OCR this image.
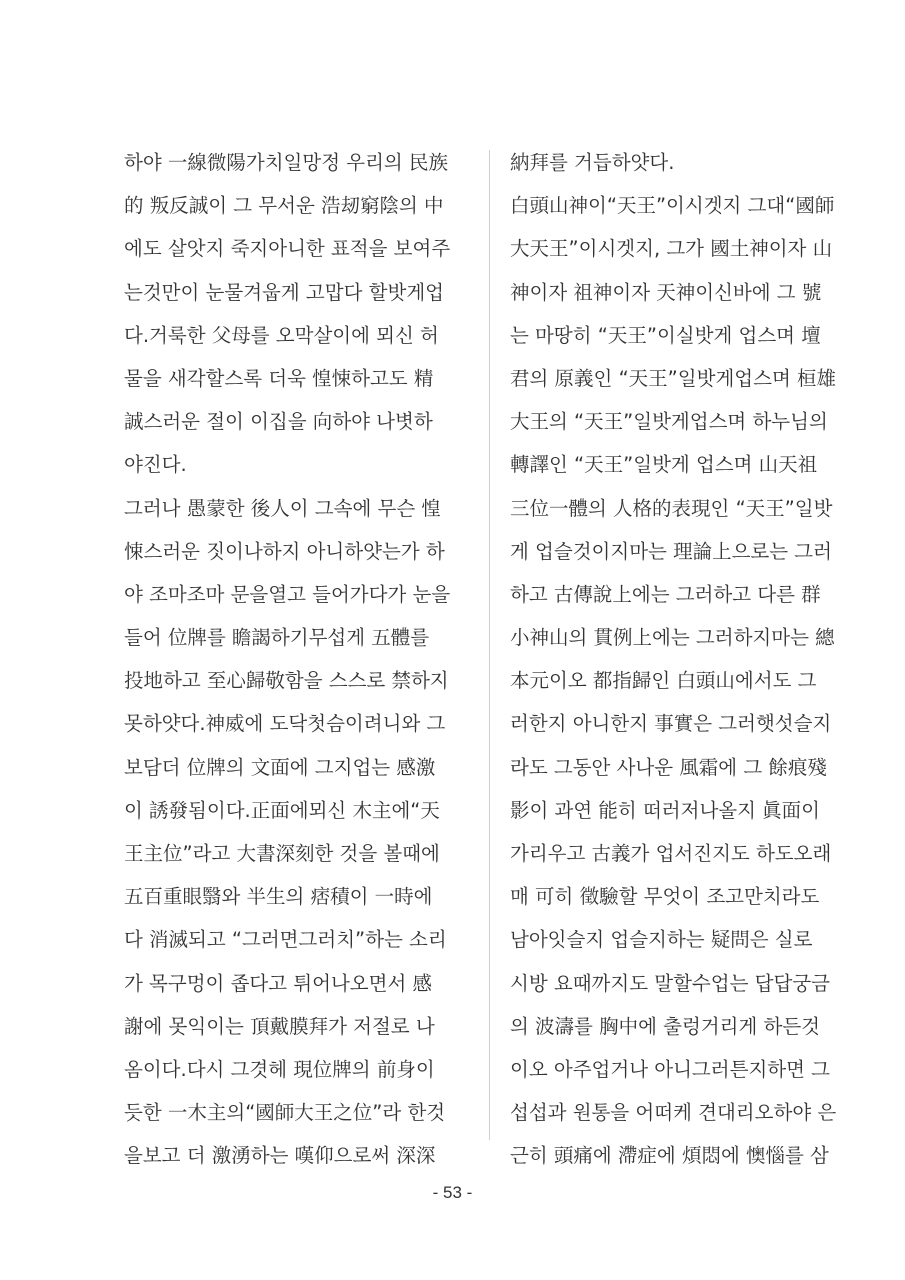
하야 一線微陽가치일망정 우리의 民族
的 叛反誠이 그 무서운 浩刼窮陰의 中
에도 살앗지 죽지아니한 표적을 보여주
는것만이 눈물겨웁게 고맙다 할밧게업
다.거룩한 父母를 오막살이에 뫼신 허
물을 새각할스록 더욱 惶悚하고도 精
誠스러운 절이 이집을 向하야 나볏하
야진다.
그러나 愚蒙한 後人이 그속에 무슨 惶
悚스러운 짓이나하지 아니하얏는가 하
야 조마조마 문을열고 들어가다가 눈을
들어 位牌를 瞻謁하기무섭게 五體를
投地하고 至心歸敬함을 스스로 禁하지
못하얏다.神威에 도닥첫슴이려니와 그
보담더 位牌의 文面에 그지업는 感激
이 誘發됨이다.正面에뫼신 木主에“天
王主位”라고 大書深刻한 것을 볼때에
五百重眼翳와 半生의 痞積이 一時에
다 消滅되고 “그러면그러치”하는 소리
가 목구멍이 좁다고 튀어나오면서 感
謝에 못익이는 頂戴膜拜가 저절로 나
옴이다.다시 그겻헤 現位牌의 前身이
듯한 一木主의“國師大王之位”라 한것
을보고 더 激湧하는 嘆仰으로써 深深
納拜를 거듭하얏다.
白頭山神이“天王”이시겟지 그대“國師
大天王”이시겟지, 그가 國土神이자 山
神이자 祖神이자 天神이신바에 그 號
는 마땅히 “天王”이실밧게 업스며 壇
君의 原義인 “天王”일밧게업스며 桓雄
大王의 “天王”일밧게업스며 하누님의
轉譯인 “天王”일밧게 업스며 山天祖
三位一體의 人格的表現인 “天王”일밧
게 업슬것이지마는 理論上으로는 그러
하고 古傳說上에는 그러하고 다른 群
小神山의 貫例上에는 그러하지마는 總
本元이오 都指歸인 白頭山에서도 그
러한지 아니한지 事實은 그러햇섯슬지
라도 그동안 사나운 風霜에 그 餘痕殘
影이 과연 能히 떠러저나올지 眞面이
가리우고 古義가 업서진지도 하도오래
매 可히 徵驗할 무엇이 조고만치라도
남아잇슬지 업슬지하는 疑問은 실로
시방 요때까지도 말할수업는 답답궁금
의 波濤를 胸中에 출렁거리게 하든것
이오 아주업거나 아니그러튼지하면 그
섭섭과 원통을 어떠케 견대리오하야 은
근히 頭痛에 滯症에 煩悶에 懊惱를 삼
- 53 -
